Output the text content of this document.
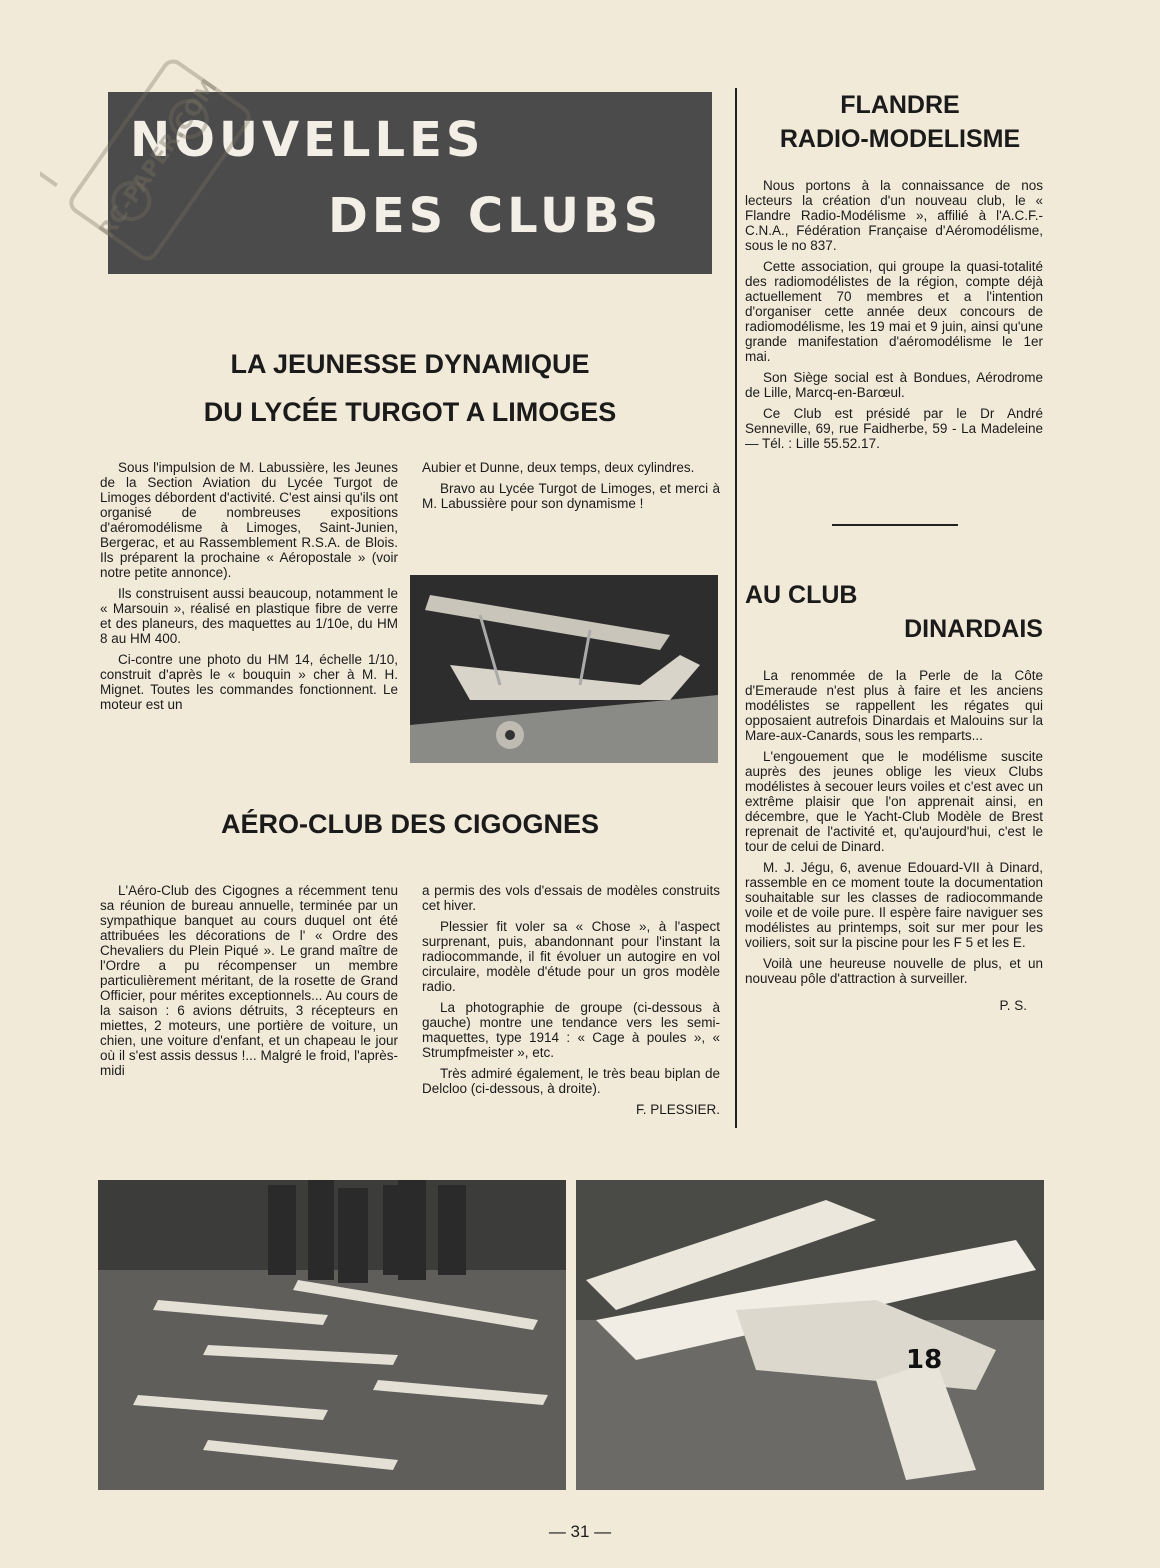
NOUVELLES
DES CLUBS
RC-PAPER.COM
LA JEUNESSE DYNAMIQUE
DU LYCÉE TURGOT A LIMOGES

Sous l'impulsion de M. Labussière, les Jeunes de la Section Aviation du Lycée Turgot de Limoges débordent d'activité. C'est ainsi qu'ils ont organisé de nombreuses expositions d'aéromodélisme à Limoges, Saint-Junien, Bergerac, et au Rassemblement R.S.A. de Blois. Ils préparent la prochaine « Aéropostale » (voir notre petite annonce).

Ils construisent aussi beaucoup, notamment le « Marsouin », réalisé en plastique fibre de verre et des planeurs, des maquettes au 1/10e, du HM 8 au HM 400.

Ci-contre une photo du HM 14, échelle 1/10, construit d'après le « bouquin » cher à M. H. Mignet. Toutes les commandes fonctionnent. Le moteur est un

Aubier et Dunne, deux temps, deux cylindres.

Bravo au Lycée Turgot de Limoges, et merci à M. Labussière pour son dynamisme !

AÉRO-CLUB DES CIGOGNES

L'Aéro-Club des Cigognes a récemment tenu sa réunion de bureau annuelle, terminée par un sympathique banquet au cours duquel ont été attribuées les décorations de l' « Ordre des Chevaliers du Plein Piqué ». Le grand maître de l'Ordre a pu récompenser un membre particulièrement méritant, de la rosette de Grand Officier, pour mérites exceptionnels... Au cours de la saison : 6 avions détruits, 3 récepteurs en miettes, 2 moteurs, une portière de voiture, un chien, une voiture d'enfant, et un chapeau le jour où il s'est assis dessus !... Malgré le froid, l'après-midi

a permis des vols d'essais de modèles construits cet hiver.

Plessier fit voler sa « Chose », à l'aspect surprenant, puis, abandonnant pour l'instant la radiocommande, il fit évoluer un autogire en vol circulaire, modèle d'étude pour un gros modèle radio.

La photographie de groupe (ci-dessous à gauche) montre une tendance vers les semi-maquettes, type 1914 : « Cage à poules », « Strumpfmeister », etc.

Très admiré également, le très beau biplan de Delcloo (ci-dessous, à droite).

F. PLESSIER.
FLANDRE
RADIO-MODELISME

Nous portons à la connaissance de nos lecteurs la création d'un nouveau club, le « Flandre Radio-Modélisme », affilié à l'A.C.F.-C.N.A., Fédération Française d'Aéromodélisme, sous le no 837.

Cette association, qui groupe la quasi-totalité des radiomodélistes de la région, compte déjà actuellement 70 membres et a l'intention d'organiser cette année deux concours de radiomodélisme, les 19 mai et 9 juin, ainsi qu'une grande manifestation d'aéromodélisme le 1er mai.

Son Siège social est à Bondues, Aérodrome de Lille, Marcq-en-Barœul.

Ce Club est présidé par le Dr André Senneville, 69, rue Faidherbe, 59 - La Madeleine — Tél. : Lille 55.52.17.

AU CLUB
DINARDAIS

La renommée de la Perle de la Côte d'Emeraude n'est plus à faire et les anciens modélistes se rappellent les régates qui opposaient autrefois Dinardais et Malouins sur la Mare-aux-Canards, sous les remparts...

L'engouement que le modélisme suscite auprès des jeunes oblige les vieux Clubs modélistes à secouer leurs voiles et c'est avec un extrême plaisir que l'on apprenait ainsi, en décembre, que le Yacht-Club Modèle de Brest reprenait de l'activité et, qu'aujourd'hui, c'est le tour de celui de Dinard.

M. J. Jégu, 6, avenue Edouard-VII à Dinard, rassemble en ce moment toute la documentation souhaitable sur les classes de radiocommande voile et de voile pure. Il espère faire naviguer ses modélistes au printemps, soit sur mer pour les voiliers, soit sur la piscine pour les F 5 et les E.

Voilà une heureuse nouvelle de plus, et un nouveau pôle d'attraction à surveiller.

P. S.
18
— 31 —
